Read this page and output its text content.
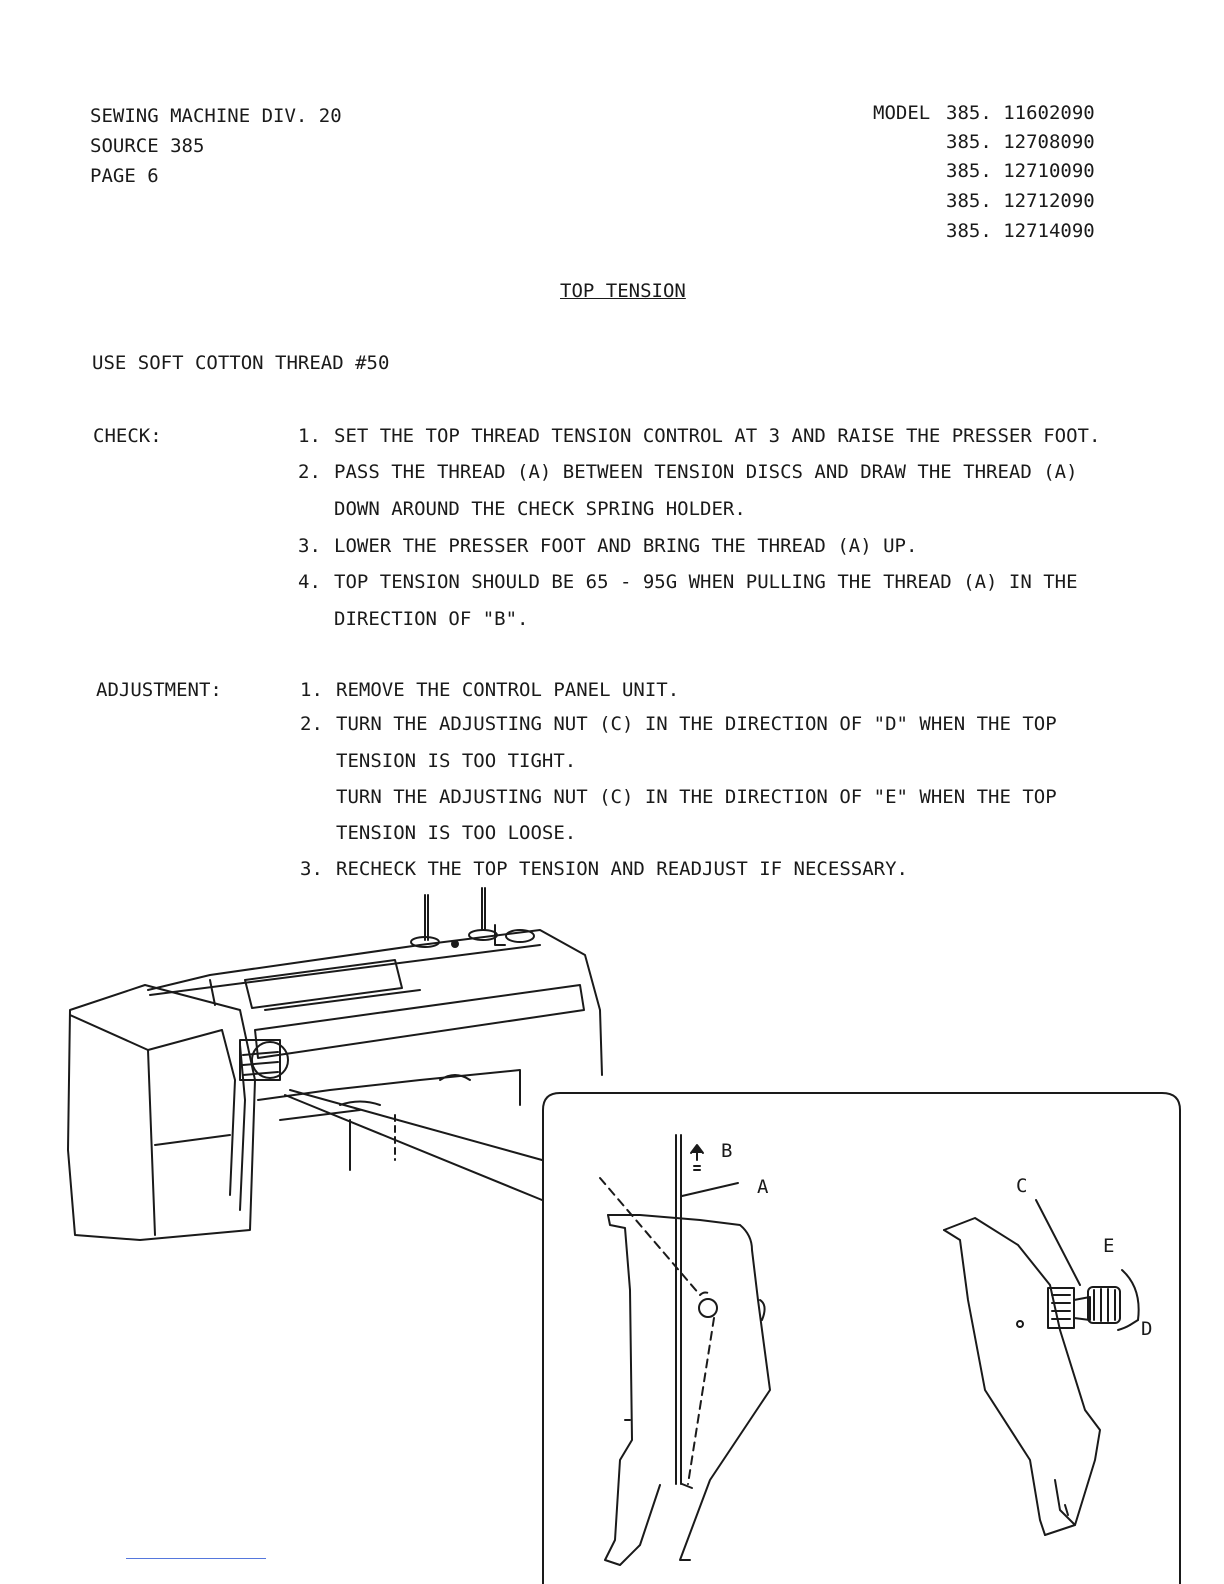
SEWING MACHINE DIV. 20
SOURCE 385
PAGE 6
MODEL 385. 11602090
385. 12708090
385. 12710090
385. 12712090
385. 12714090
TOP TENSION
USE SOFT COTTON THREAD #50
CHECK:	1. SET THE TOP THREAD TENSION CONTROL AT 3 AND RAISE THE PRESSER FOOT.
2. PASS THE THREAD (A) BETWEEN TENSION DISCS AND DRAW THE THREAD (A)
DOWN AROUND THE CHECK SPRING HOLDER.
3. LOWER THE PRESSER FOOT AND BRING THE THREAD (A) UP.
4. TOP TENSION SHOULD BE 65 - 95G WHEN PULLING THE THREAD (A) IN THE
DIRECTION OF "B".
ADJUSTMENT:	1. REMOVE THE CONTROL PANEL UNIT.
2. TURN THE ADJUSTING NUT (C) IN THE DIRECTION OF "D" WHEN THE TOP
TENSION IS TOO TIGHT.
TURN THE ADJUSTING NUT (C) IN THE DIRECTION OF "E" WHEN THE TOP
TENSION IS TOO LOOSE.
3. RECHECK THE TOP TENSION AND READJUST IF NECESSARY.
B
A	C
E
D
